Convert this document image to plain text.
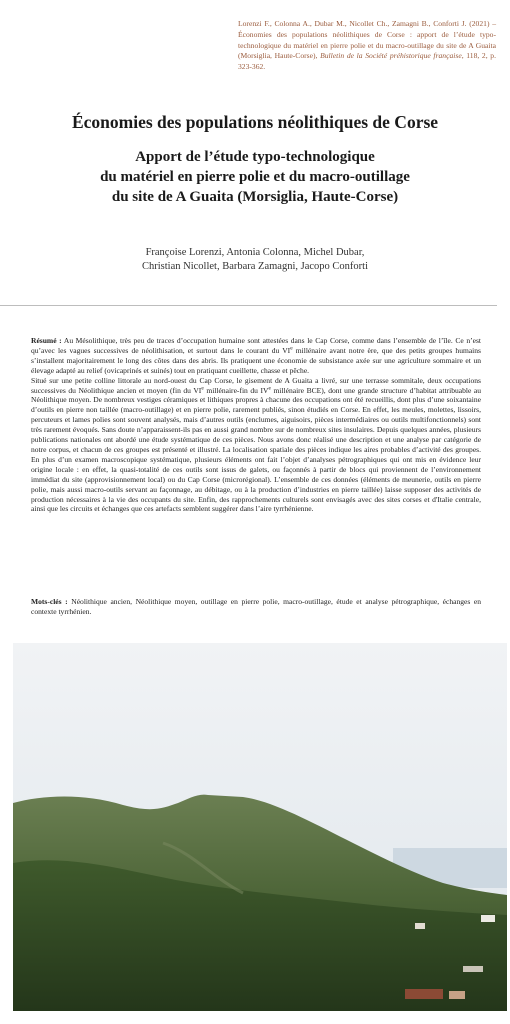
Lorenzi F., Colonna A., Dubar M., Nicollet Ch., Zamagni B., Conforti J. (2021) – Économies des populations néolithiques de Corse : apport de l’étude typo-technologique du matériel en pierre polie et du macro-outillage du site de A Guaita (Morsiglia, Haute-Corse), Bulletin de la Société préhistorique française, 118, 2, p. 323-362.
Économies des populations néolithiques de Corse
Apport de l’étude typo-technologique
du matériel en pierre polie et du macro-outillage
du site de A Guaita (Morsiglia, Haute-Corse)
Françoise Lorenzi, Antonia Colonna, Michel Dubar,
Christian Nicollet, Barbara Zamagni, Jacopo Conforti

Résumé : Au Mésolithique, très peu de traces d’occupation humaine sont attestées dans le Cap Corse, comme dans l’ensemble de l’île. Ce n’est qu’avec les vagues successives de néolithisation, et surtout dans le courant du VIe millénaire avant notre ère, que des petits groupes humains s’installent majoritairement le long des côtes dans des abris. Ils pratiquent une économie de subsistance axée sur une agriculture sommaire et un élevage adapté au relief (ovicaprinés et suinés) tout en pratiquant cueillette, chasse et pêche.

Situé sur une petite colline littorale au nord-ouest du Cap Corse, le gisement de A Guaita a livré, sur une terrasse sommitale, deux occupations successives du Néolithique ancien et moyen (fin du VIe millénaire-fin du IVe millénaire BCE), dont une grande structure d’habitat attribuable au Néolithique moyen. De nombreux vestiges céramiques et lithiques propres à chacune des occupations ont été recueillis, dont plus d’une soixantaine d’outils en pierre non taillée (macro-outillage) et en pierre polie, rarement publiés, sinon étudiés en Corse. En effet, les meules, molettes, lissoirs, percuteurs et lames polies sont souvent analysés, mais d’autres outils (enclumes, aiguisoirs, pièces intermédiaires ou outils multifonctionnels) sont très rarement évoqués. Sans doute n’apparaissent-ils pas en aussi grand nombre sur de nombreux sites insulaires. Depuis quelques années, plusieurs publications nationales ont abordé une étude systématique de ces pièces. Nous avons donc réalisé une description et une analyse par catégorie de notre corpus, et chacun de ces groupes est présenté et illustré. La localisation spatiale des pièces indique les aires probables d’activité des groupes. En plus d’un examen macroscopique systématique, plusieurs éléments ont fait l’objet d’analyses pétrographiques qui ont mis en évidence leur origine locale : en effet, la quasi-totalité de ces outils sont issus de galets, ou façonnés à partir de blocs qui proviennent de l’environnement immédiat du site (approvisionnement local) ou du Cap Corse (microrégional). L’ensemble de ces données (éléments de meunerie, outils en pierre polie, mais aussi macro-outils servant au façonnage, au débitage, ou à la production d’industries en pierre taillée) laisse supposer des activités de production nécessaires à la vie des occupants du site. Enfin, des rapprochements culturels sont envisagés avec des sites corses et d'Italie centrale, ainsi que les circuits et échanges que ces artefacts semblent suggérer dans l’aire tyrrhénienne.

Mots-clés : Néolithique ancien, Néolithique moyen, outillage en pierre polie, macro-outillage, étude et analyse pétrographique, échanges en contexte tyrrhénien.
